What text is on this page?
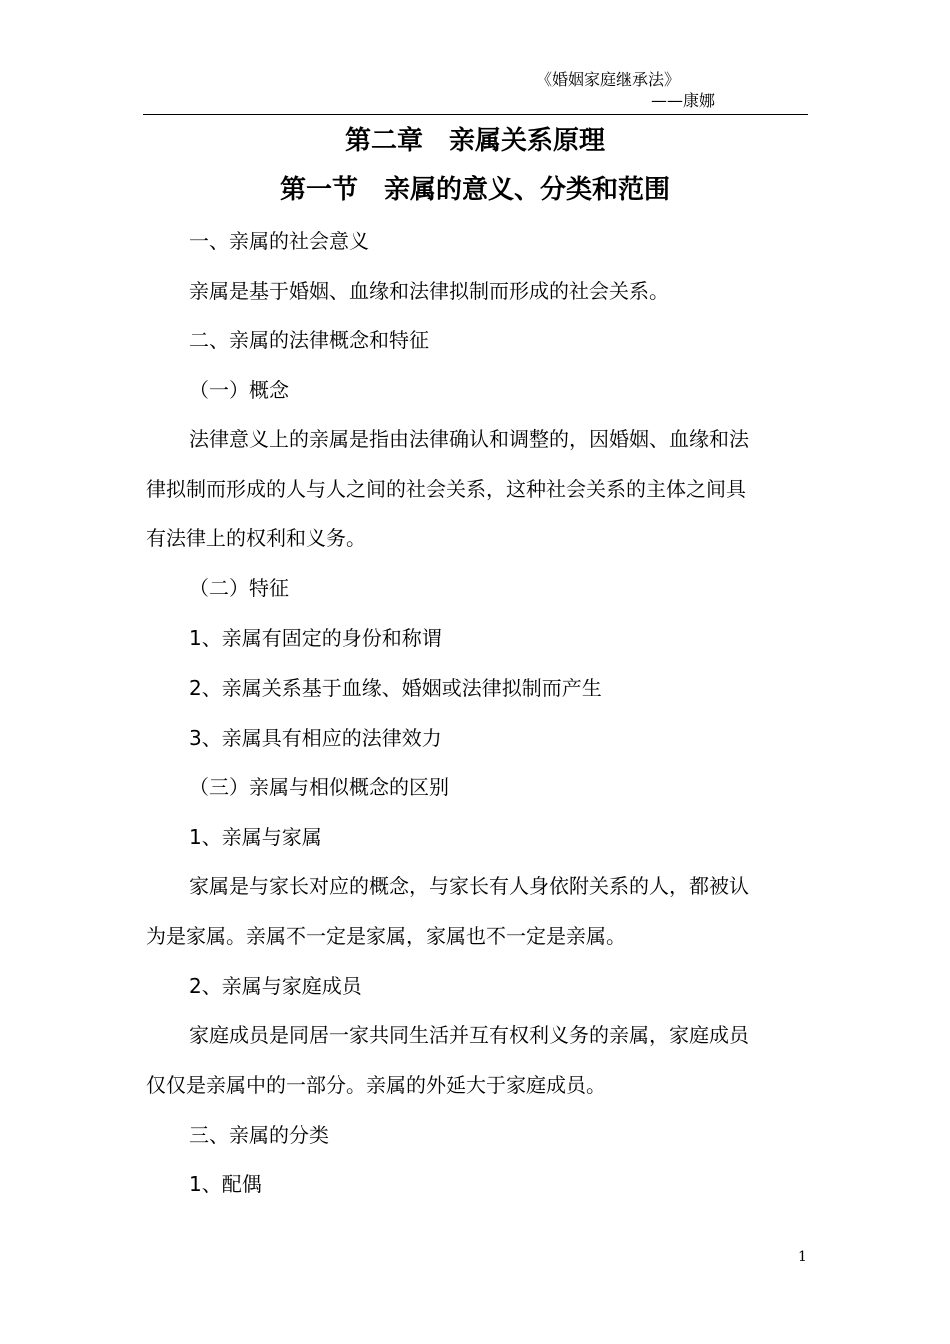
《婚姻家庭继承法》
——康娜
第二章　亲属关系原理
第一节　亲属的意义、分类和范围
一、亲属的社会意义
亲属是基于婚姻、血缘和法律拟制而形成的社会关系。
二、亲属的法律概念和特征
（一）概念
法律意义上的亲属是指由法律确认和调整的，因婚姻、血缘和法
律拟制而形成的人与人之间的社会关系，这种社会关系的主体之间具
有法律上的权利和义务。
（二）特征
1、亲属有固定的身份和称谓
2、亲属关系基于血缘、婚姻或法律拟制而产生
3、亲属具有相应的法律效力
（三）亲属与相似概念的区别
1、亲属与家属
家属是与家长对应的概念，与家长有人身依附关系的人，都被认
为是家属。亲属不一定是家属，家属也不一定是亲属。
2、亲属与家庭成员
家庭成员是同居一家共同生活并互有权利义务的亲属，家庭成员
仅仅是亲属中的一部分。亲属的外延大于家庭成员。
三、亲属的分类
1、配偶
1
